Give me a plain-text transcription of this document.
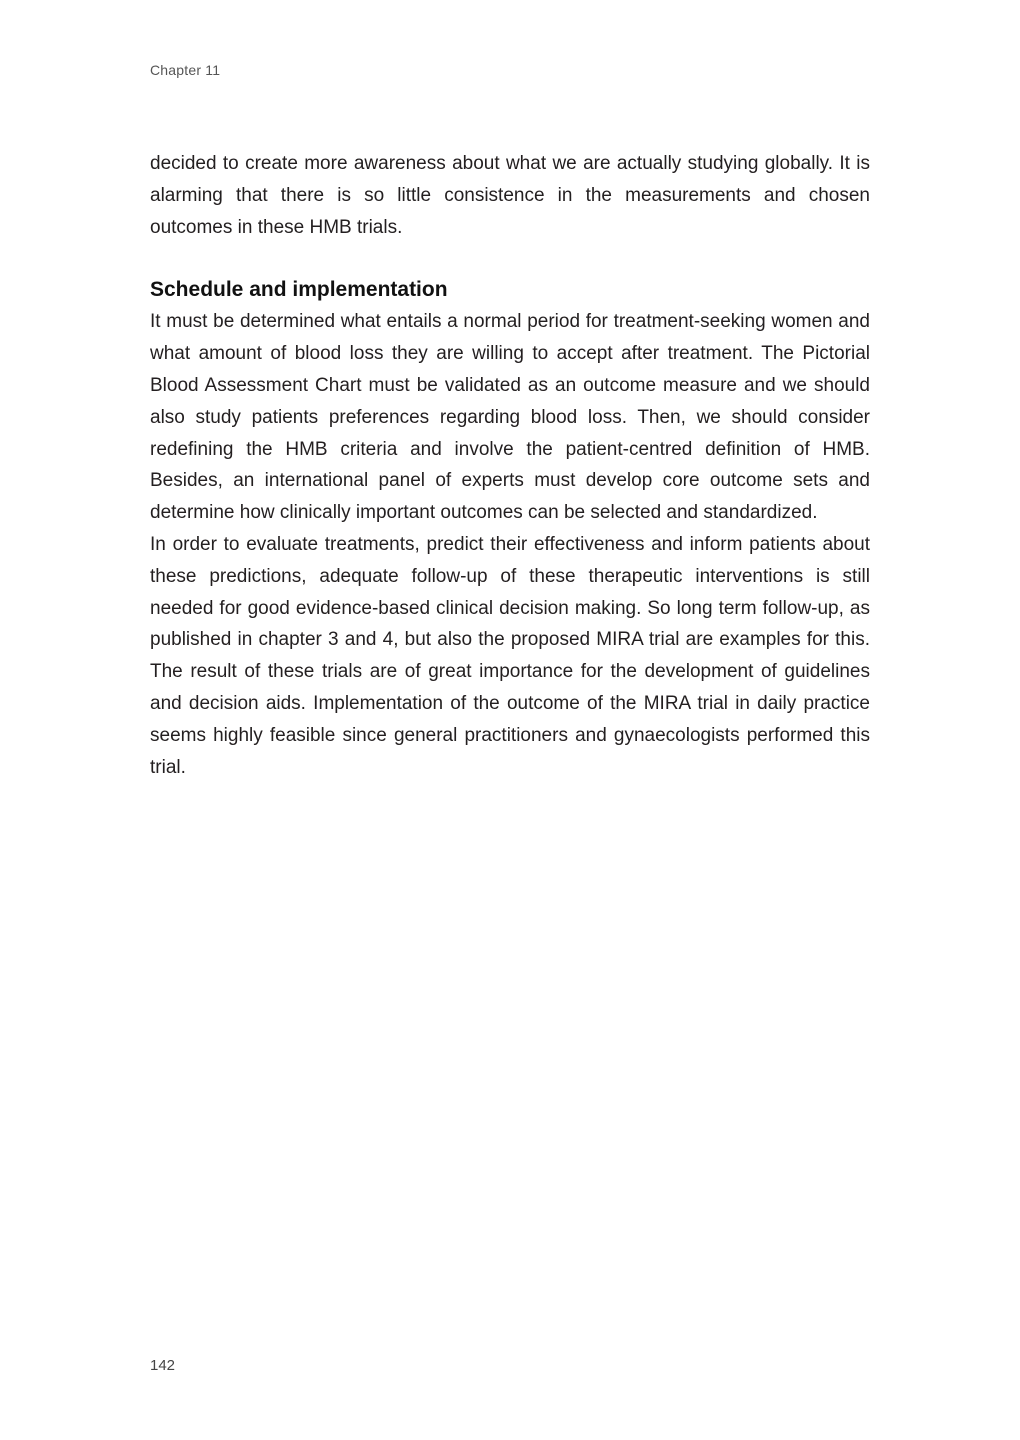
Chapter 11

decided to create more awareness about what we are actually studying globally. It is alarming that there is so little consistence in the measurements and chosen outcomes in these HMB trials.

Schedule and implementation

It must be determined what entails a normal period for treatment-seeking women and what amount of blood loss they are willing to accept after treatment. The Pictorial Blood Assessment Chart must be validated as an outcome measure and we should also study patients preferences regarding blood loss. Then, we should consider redefining the HMB criteria and involve the patient-centred definition of HMB. Besides, an international panel of experts must develop core outcome sets and determine how clinically important outcomes can be selected and standardized.

In order to evaluate treatments, predict their effectiveness and inform patients about these predictions, adequate follow-up of these therapeutic interventions is still needed for good evidence-based clinical decision making. So long term follow-up, as published in chapter 3 and 4, but also the proposed MIRA trial are examples for this. The result of these trials are of great importance for the development of guidelines and decision aids. Implementation of the outcome of the MIRA trial in daily practice seems highly feasible since general practitioners and gynaecologists performed this trial.

142
